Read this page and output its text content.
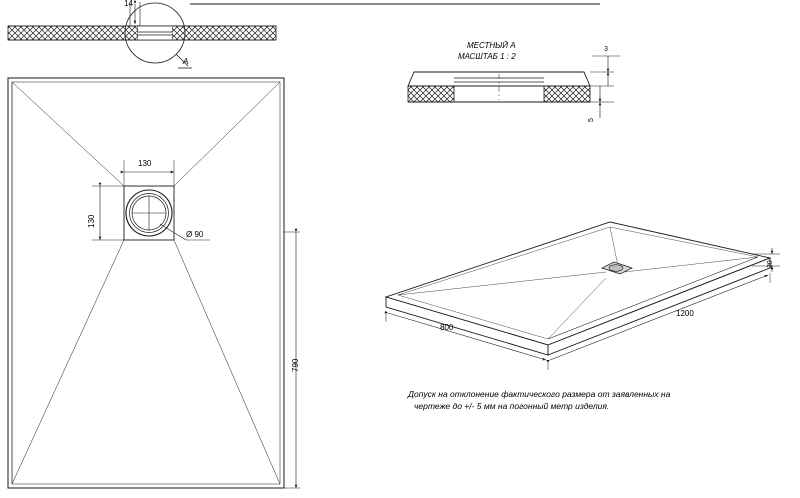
14
A
МЕСТНЫЙ А
МАСШТАБ 1 : 2
3
5
130
130
Ø 90
790
800
1200
30
Допуск на отклонение фактического размера от заявленных на
чертеже до +/- 5 мм на погонный метр изделия.
